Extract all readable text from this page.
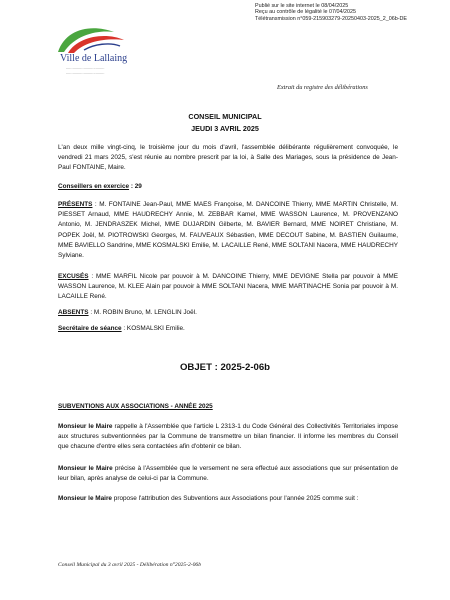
Publié sur le site internet le 08/04/2025
Reçu au contrôle de légalité le 07/04/2025
Télétransmission n°059-215903279-20250403-2025_2_06b-DE
Ville de Lallaing
···································
···································
Extrait du registre des délibérations
CONSEIL MUNICIPAL
JEUDI 3 AVRIL 2025
L'an deux mille vingt-cinq, le troisième jour du mois d'avril, l'assemblée délibérante régulièrement convoquée, le vendredi 21 mars 2025, s'est réunie au nombre prescrit par la loi, à Salle des Mariages, sous la présidence de Jean-Paul FONTAINE, Maire.
Conseillers en exercice : 29
PRÉSENTS : M. FONTAINE Jean-Paul, MME MAES Françoise, M. DANCOINE Thierry, MME MARTIN Christelle, M. PIESSET Arnaud, MME HAUDRECHY Annie, M. ZEBBAR Kamel, MME WASSON Laurence, M. PROVENZANO Antonio, M. JENDRASZEK Michel, MME DUJARDIN Gilberte, M. BAVIER Bernard, MME NOIRET Christiane, M. POPEK Joël, M. PIOTROWSKI Georges, M. FAUVEAUX Sébastien, MME DECOUT Sabine, M. BASTIEN Guilaume, MME BAVIELLO Sandrine, MME KOSMALSKI Emilie, M. LACAILLE René, MME SOLTANI Nacera, MME HAUDRECHY Sylviane.
EXCUSÉS : MME MARFIL Nicole par pouvoir à M. DANCOINE Thierry, MME DEVIGNE Stella par pouvoir à MME WASSON Laurence, M. KLEE Alain par pouvoir à MME SOLTANI Nacera, MME MARTINACHE Sonia par pouvoir à M. LACAILLE René.
ABSENTS : M. ROBIN Bruno, M. LENGLIN Joël.
Secrétaire de séance : KOSMALSKI Emilie.
OBJET : 2025-2-06b
SUBVENTIONS AUX ASSOCIATIONS - ANNÉE 2025
Monsieur le Maire rappelle à l'Assemblée que l'article L 2313-1 du Code Général des Collectivités Territoriales impose aux structures subventionnées par la Commune de transmettre un bilan financier. Il informe les membres du Conseil que chacune d'entre elles sera contactées afin d'obtenir ce bilan.
Monsieur le Maire précise à l'Assemblée que le versement ne sera effectué aux associations que sur présentation de leur bilan, après analyse de celui-ci par la Commune.
Monsieur le Maire propose l'attribution des Subventions aux Associations pour l'année 2025 comme suit :
Conseil Municipal du 3 avril 2025 - Délibération n°2025-2-06b
